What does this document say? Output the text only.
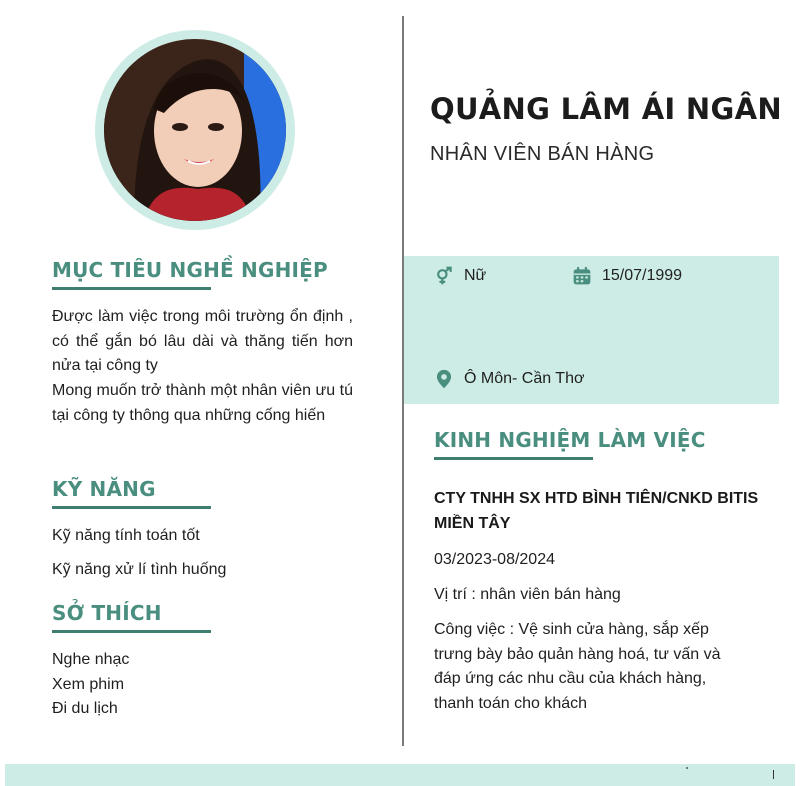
MỤC TIÊU NGHỀ NGHIỆP
Được làm việc trong môi trường ổn định , có thể gắn bó lâu dài và thăng tiến hơn nửa tại công ty
Mong muốn trở thành một nhân viên ưu tú tại công ty thông qua những cống hiến
KỸ NĂNG
Kỹ năng tính toán tốt
Kỹ năng xử lí tình huống
SỞ THÍCH
Nghe nhạc
Xem phim
Đi du lịch
QUẢNG LÂM ÁI NGÂN
NHÂN VIÊN BÁN HÀNG
Nữ	15/07/1999
Ô Môn- Cần Thơ
KINH NGHIỆM LÀM VIỆC
CTY TNHH SX HTD BÌNH TIÊN/CNKD BITIS MIỀN TÂY
03/2023-08/2024
Vị trí : nhân viên bán hàng
Công việc : Vệ sinh cửa hàng, sắp xếp trưng bày bảo quản hàng hoá, tư vấn và đáp ứng các nhu cầu của khách hàng, thanh toán cho khách
